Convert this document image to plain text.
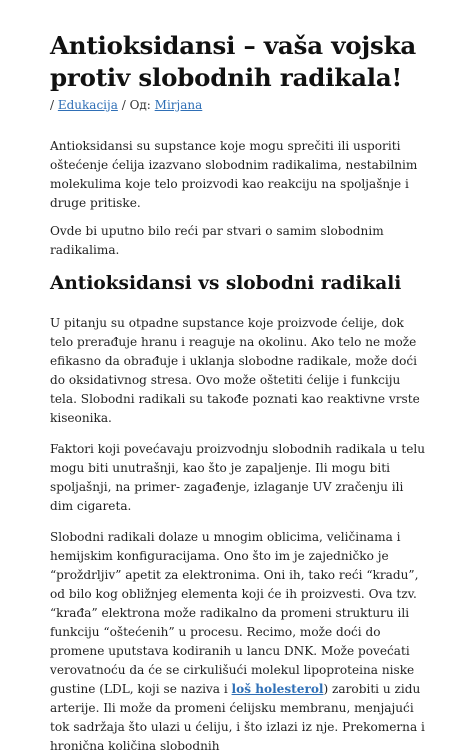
Antioksidansi – vaša vojska protiv slobodnih radikala!
/ Edukacija / Од: Mirjana

Antioksidansi su supstance koje mogu sprečiti ili usporiti oštećenje ćelija izazvano slobodnim radikalima, nestabilnim molekulima koje telo proizvodi kao reakciju na spoljašnje i druge pritiske.

Ovde bi uputno bilo reći par stvari o samim slobodnim radikalima.

Antioksidansi vs slobodni radikali

U pitanju su otpadne supstance koje proizvode ćelije, dok telo prerađuje hranu i reaguje na okolinu. Ako telo ne može efikasno da obrađuje i uklanja slobodne radikale, može doći do oksidativnog stresa. Ovo može oštetiti ćelije i funkciju tela. Slobodni radikali su takođe poznati kao reaktivne vrste kiseonika.

Faktori koji povećavaju proizvodnju slobodnih radikala u telu mogu biti unutrašnji, kao što je zapaljenje. Ili mogu biti spoljašnji, na primer- zagađenje, izlaganje UV zračenju ili dim cigareta.

Slobodni radikali dolaze u mnogim oblicima, veličinama i hemijskim konfiguracijama. Ono što im je zajedničko je “proždrljiv” apetit za elektronima. Oni ih, tako reći “kradu”, od bilo kog obližnjeg elementa koji će ih proizvesti. Ova tzv. “krađa” elektrona može radikalno da promeni strukturu ili funkciju “oštećenih” u procesu. Recimo, može doći do promene uputstava kodiranih u lancu DNK. Može povećati verovatnoću da će se cirkulišući molekul lipoproteina niske gustine (LDL, koji se naziva i loš holesterol) zarobiti u zidu arterije. Ili može da promeni ćelijsku membranu, menjajući tok sadržaja što ulazi u ćeliju, i što izlazi iz nje. Prekomerna i hronična količina slobodnih
